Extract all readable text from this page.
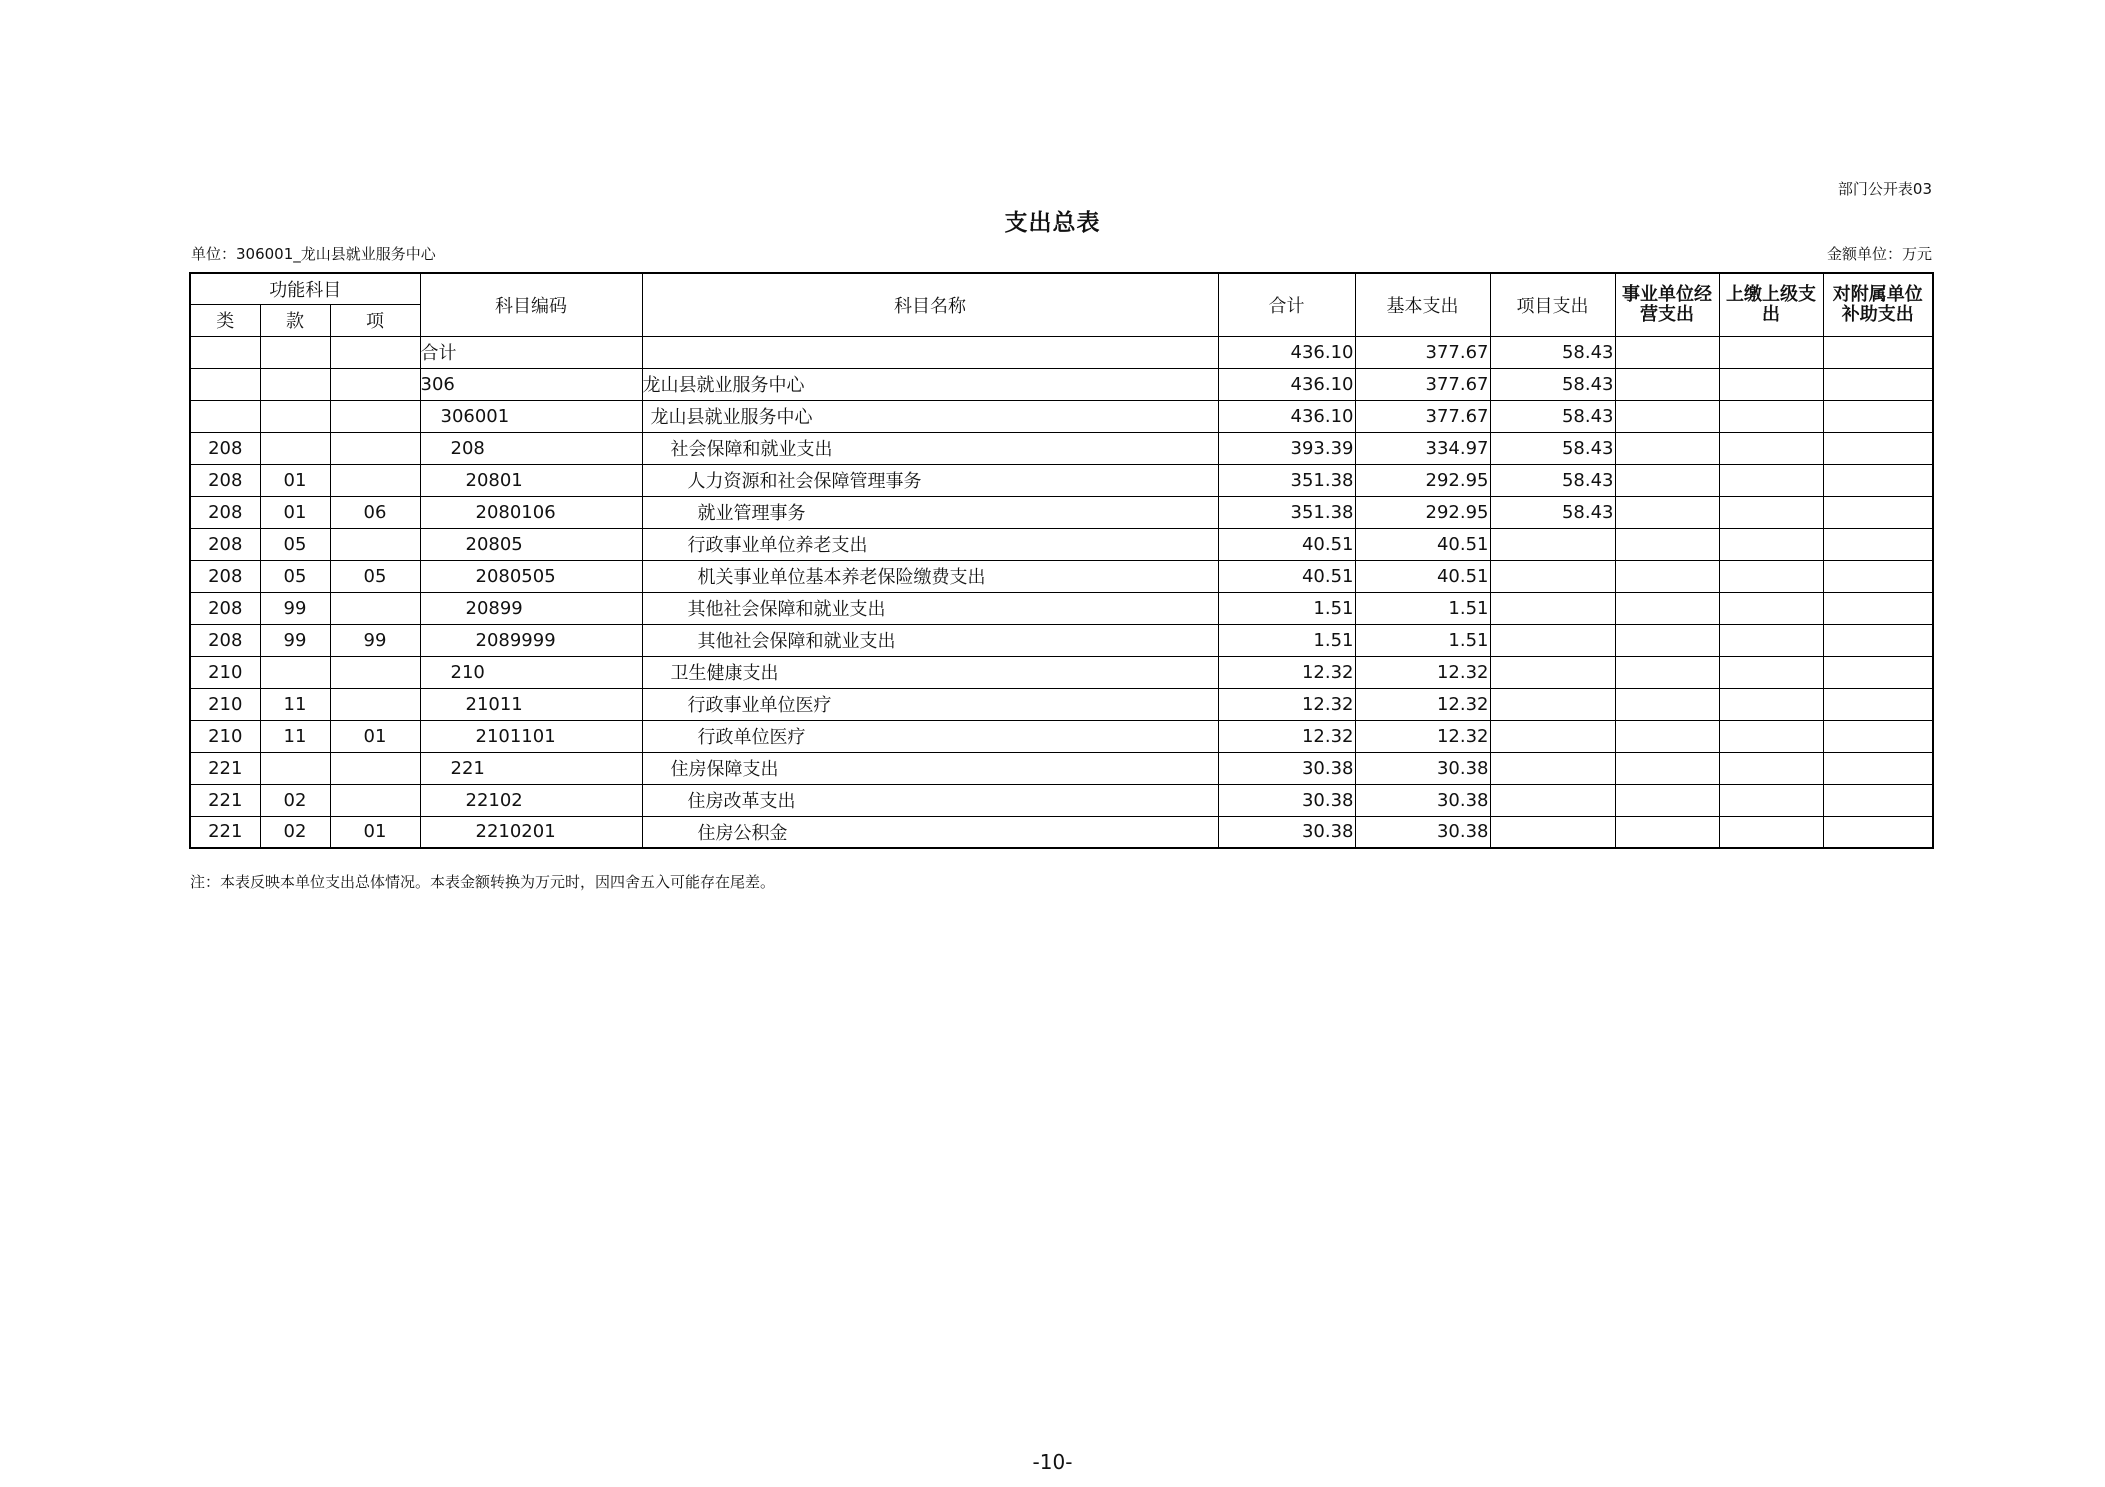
部门公开表03
支出总表
单位：306001_龙山县就业服务中心	金额单位：万元
功能科目			科目编码	科目名称	合计	基本支出	项目支出	事业单位经营支出	上缴上级支出	对附属单位补助支出
类	款	项								
			合计		436.10	377.67	58.43			
			306	龙山县就业服务中心	436.10	377.67	58.43			
			306001	龙山县就业服务中心	436.10	377.67	58.43			
208			208	社会保障和就业支出	393.39	334.97	58.43			
208	01		20801	人力资源和社会保障管理事务	351.38	292.95	58.43			
208	01	06	2080106	就业管理事务	351.38	292.95	58.43			
208	05		20805	行政事业单位养老支出	40.51	40.51				
208	05	05	2080505	机关事业单位基本养老保险缴费支出	40.51	40.51				
208	99		20899	其他社会保障和就业支出	1.51	1.51				
208	99	99	2089999	其他社会保障和就业支出	1.51	1.51				
210			210	卫生健康支出	12.32	12.32				
210	11		21011	行政事业单位医疗	12.32	12.32				
210	11	01	2101101	行政单位医疗	12.32	12.32				
221			221	住房保障支出	30.38	30.38				
221	02		22102	住房改革支出	30.38	30.38				
221	02	01	2210201	住房公积金	30.38	30.38				
注：本表反映本单位支出总体情况。本表金额转换为万元时，因四舍五入可能存在尾差。
-10-
